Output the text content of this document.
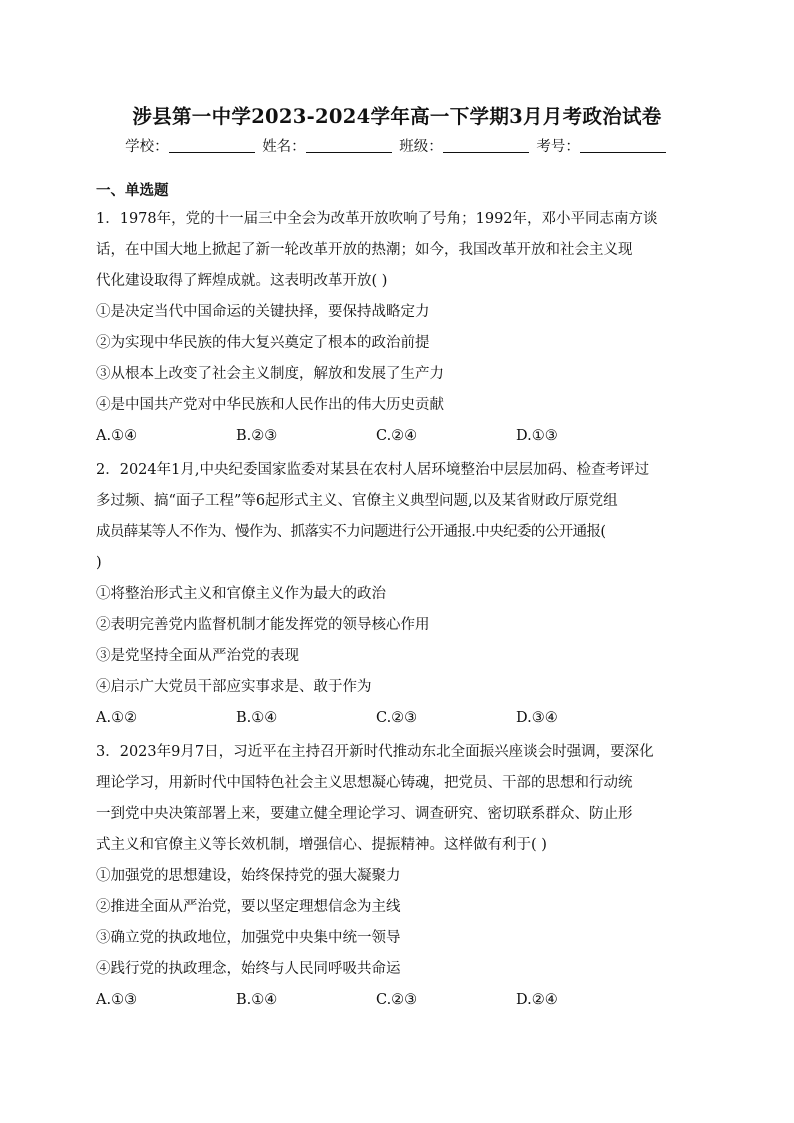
涉县第一中学2023-2024学年高一下学期3月月考政治试卷
学校：	姓名：	班级：	考号：
一、单选题
1．1978年，党的十一届三中全会为改革开放吹响了号角；1992年，邓小平同志南方谈
话，在中国大地上掀起了新一轮改革开放的热潮；如今，我国改革开放和社会主义现
代化建设取得了辉煌成就。这表明改革开放( )
①是决定当代中国命运的关键抉择，要保持战略定力
②为实现中华民族的伟大复兴奠定了根本的政治前提
③从根本上改变了社会主义制度，解放和发展了生产力
④是中国共产党对中华民族和人民作出的伟大历史贡献
A.①④	B.②③	C.②④	D.①③
2．2024年1月,中央纪委国家监委对某县在农村人居环境整治中层层加码、检查考评过
多过频、搞“面子工程”等6起形式主义、官僚主义典型问题,以及某省财政厅原党组
成员薛某等人不作为、慢作为、抓落实不力问题进行公开通报.中央纪委的公开通报(
)
①将整治形式主义和官僚主义作为最大的政治
②表明完善党内监督机制才能发挥党的领导核心作用
③是党坚持全面从严治党的表现
④启示广大党员干部应实事求是、敢于作为
A.①②	B.①④	C.②③	D.③④
3．2023年9月7日，习近平在主持召开新时代推动东北全面振兴座谈会时强调，要深化
理论学习，用新时代中国特色社会主义思想凝心铸魂，把党员、干部的思想和行动统
一到党中央决策部署上来，要建立健全理论学习、调查研究、密切联系群众、防止形
式主义和官僚主义等长效机制，增强信心、提振精神。这样做有利于( )
①加强党的思想建设，始终保持党的强大凝聚力
②推进全面从严治党，要以坚定理想信念为主线
③确立党的执政地位，加强党中央集中统一领导
④践行党的执政理念，始终与人民同呼吸共命运
A.①③	B.①④	C.②③	D.②④
